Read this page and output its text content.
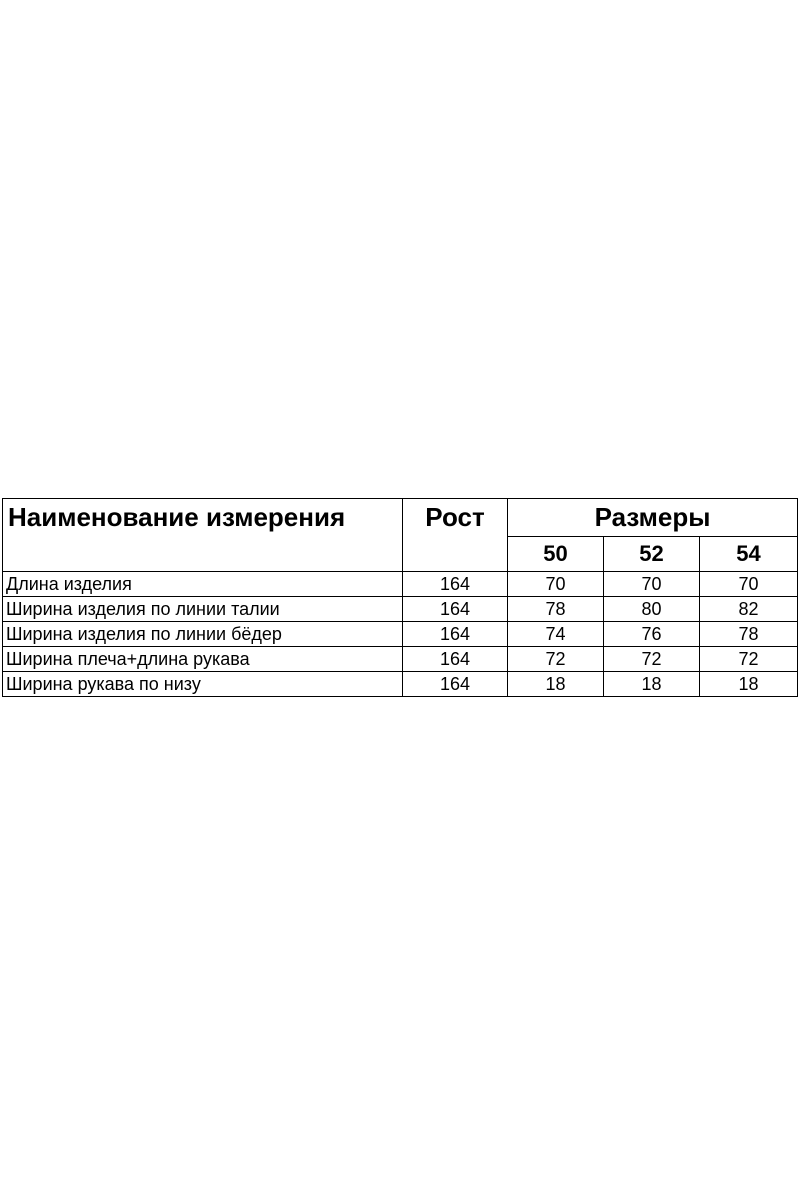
Наименование измерения	Рост	Размеры		
		50	52	54
Длина изделия	164	70	70	70
Ширина изделия по линии талии	164	78	80	82
Ширина изделия по линии бёдер	164	74	76	78
Ширина плеча+длина рукава	164	72	72	72
Ширина рукава по низу	164	18	18	18
